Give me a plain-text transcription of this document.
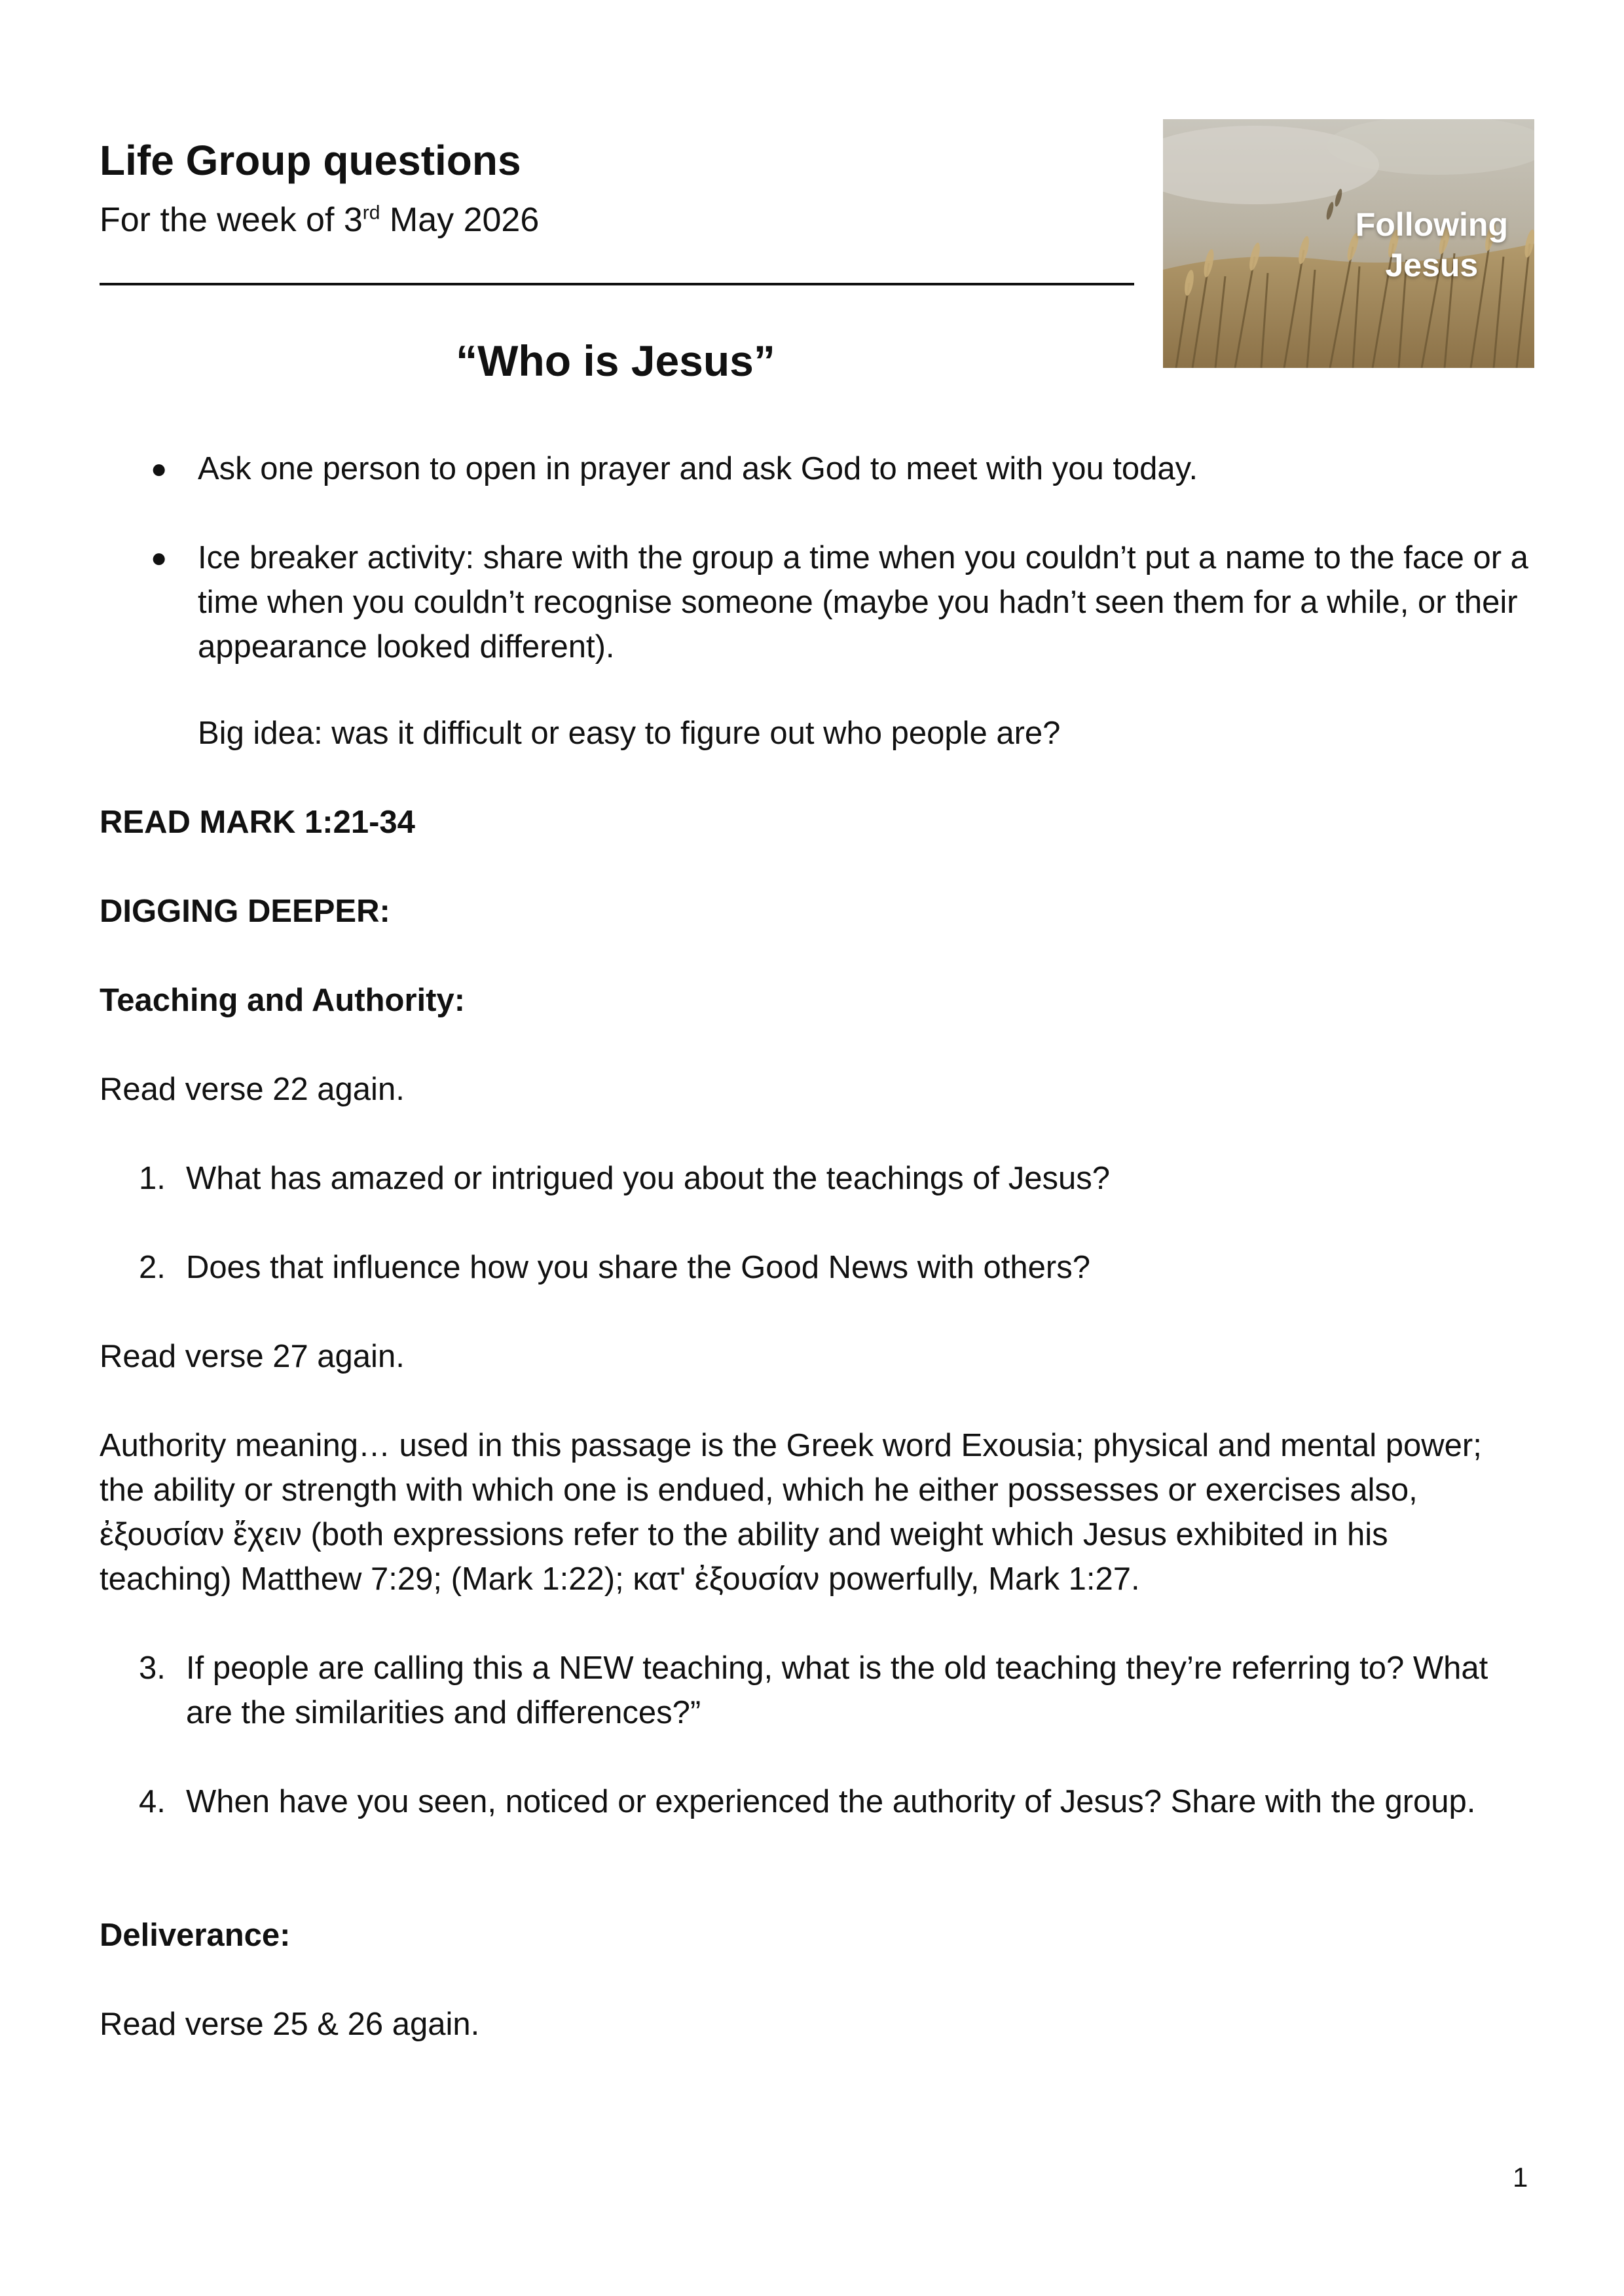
Life Group questions
For the week of 3rd May 2026	Following
Jesus
“Who is Jesus”
● Ask one person to open in prayer and ask God to meet with you today.
● Ice breaker activity: share with the group a time when you couldn’t put a name to the face or a time when you couldn’t recognise someone (maybe you hadn’t seen them for a while, or their appearance looked different).
Big idea: was it difficult or easy to figure out who people are?
READ MARK 1:21-34
DIGGING DEEPER:
Teaching and Authority:
Read verse 22 again.
1. What has amazed or intrigued you about the teachings of Jesus?
2. Does that influence how you share the Good News with others?
Read verse 27 again.
Authority meaning… used in this passage is the Greek word Exousia; physical and mental power; the ability or strength with which one is endued, which he either possesses or exercises also, ἐξουσίαν ἔχειν (both expressions refer to the ability and weight which Jesus exhibited in his teaching) Matthew 7:29; (Mark 1:22); κατ' ἐξουσίαν powerfully, Mark 1:27.
3. If people are calling this a NEW teaching, what is the old teaching they’re referring to? What are the similarities and differences?”
4. When have you seen, noticed or experienced the authority of Jesus? Share with the group.
Deliverance:
Read verse 25 & 26 again.
1
